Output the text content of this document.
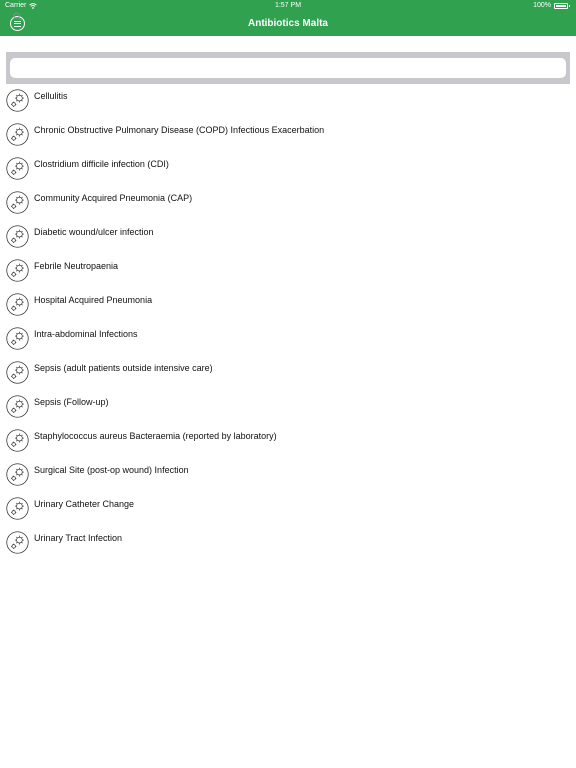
Carrier	1:57 PM	100%
Antibiotics Malta
Cellulitis
Chronic Obstructive Pulmonary Disease (COPD) Infectious Exacerbation
Clostridium difficile infection (CDI)
Community Acquired Pneumonia (CAP)
Diabetic wound/ulcer infection
Febrile Neutropaenia
Hospital Acquired Pneumonia
Intra-abdominal Infections
Sepsis (adult patients outside intensive care)
Sepsis (Follow-up)
Staphylococcus aureus Bacteraemia (reported by laboratory)
Surgical Site (post-op wound) Infection
Urinary Catheter Change
Urinary Tract Infection
